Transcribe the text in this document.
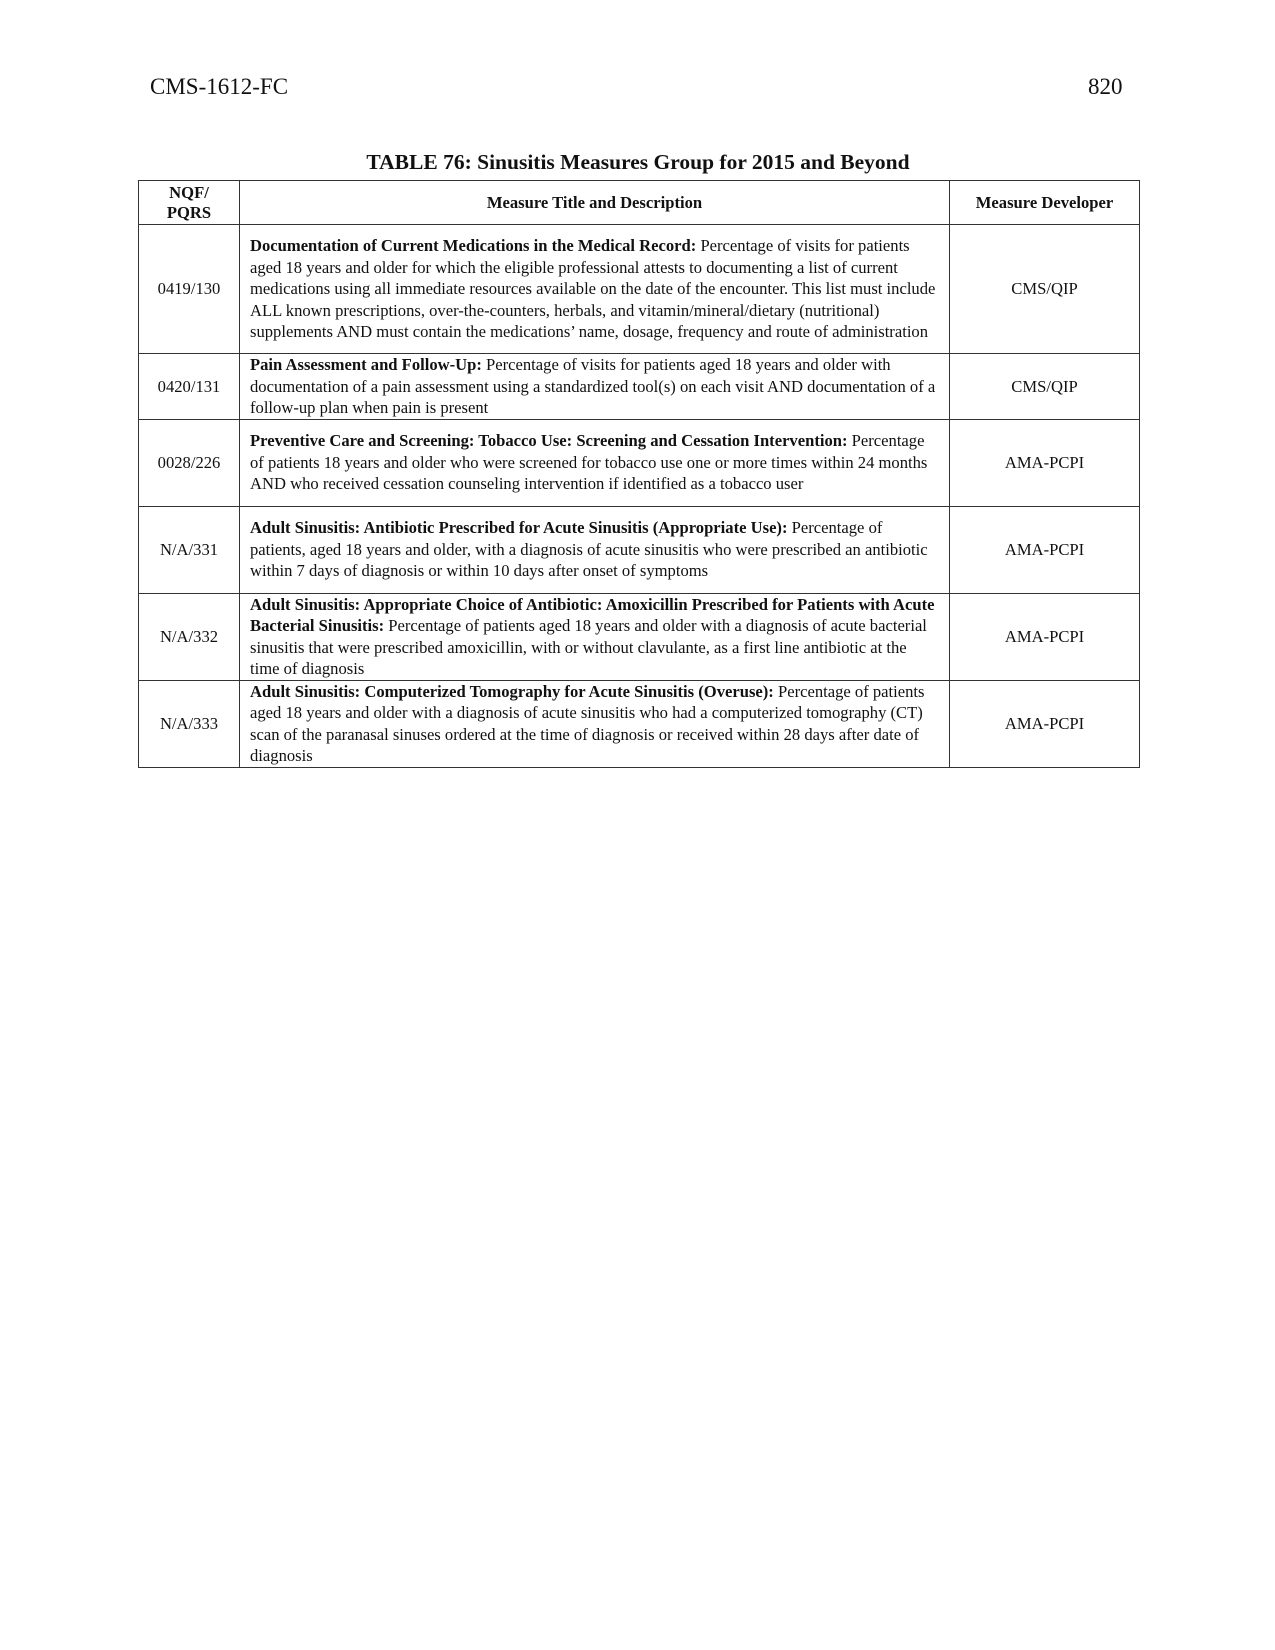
CMS-1612-FC	820
TABLE 76: Sinusitis Measures Group for 2015 and Beyond
NQF/
PQRS	Measure Title and Description	Measure Developer
0419/130	Documentation of Current Medications in the Medical Record: Percentage of visits for patients aged 18 years and older for which the eligible professional attests to documenting a list of current medications using all immediate resources available on the date of the encounter. This list must include ALL known prescriptions, over-the-counters, herbals, and vitamin/mineral/dietary (nutritional) supplements AND must contain the medications’ name, dosage, frequency and route of administration	CMS/QIP
0420/131	Pain Assessment and Follow-Up: Percentage of visits for patients aged 18 years and older with documentation of a pain assessment using a standardized tool(s) on each visit AND documentation of a follow-up plan when pain is present	CMS/QIP
0028/226	Preventive Care and Screening: Tobacco Use: Screening and Cessation Intervention: Percentage of patients 18 years and older who were screened for tobacco use one or more times within 24 months AND who received cessation counseling intervention if identified as a tobacco user	AMA-PCPI
N/A/331	Adult Sinusitis: Antibiotic Prescribed for Acute Sinusitis (Appropriate Use): Percentage of patients, aged 18 years and older, with a diagnosis of acute sinusitis who were prescribed an antibiotic within 7 days of diagnosis or within 10 days after onset of symptoms	AMA-PCPI
N/A/332	Adult Sinusitis: Appropriate Choice of Antibiotic: Amoxicillin Prescribed for Patients with Acute Bacterial Sinusitis: Percentage of patients aged 18 years and older with a diagnosis of acute bacterial sinusitis that were prescribed amoxicillin, with or without clavulante, as a first line antibiotic at the time of diagnosis	AMA-PCPI
N/A/333	Adult Sinusitis: Computerized Tomography for Acute Sinusitis (Overuse): Percentage of patients aged 18 years and older with a diagnosis of acute sinusitis who had a computerized tomography (CT) scan of the paranasal sinuses ordered at the time of diagnosis or received within 28 days after date of diagnosis	AMA-PCPI
